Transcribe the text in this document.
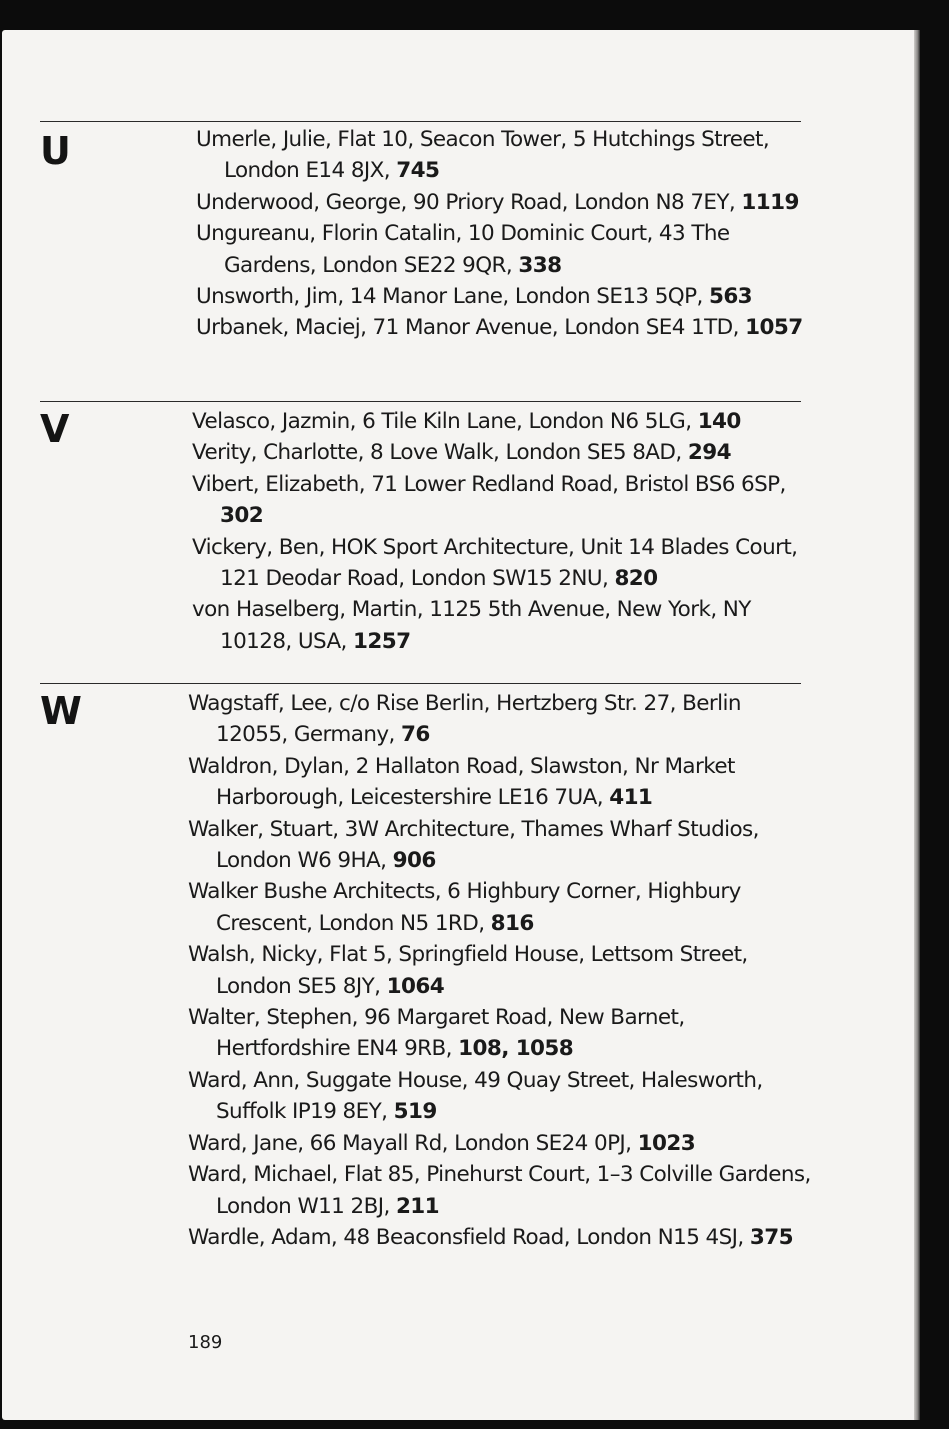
U	Umerle, Julie, Flat 10, Seacon Tower, 5 Hutchings Street, London E14 8JX, 745
Underwood, George, 90 Priory Road, London N8 7EY, 1119
Ungureanu, Florin Catalin, 10 Dominic Court, 43 The Gardens, London SE22 9QR, 338
Unsworth, Jim, 14 Manor Lane, London SE13 5QP, 563
Urbanek, Maciej, 71 Manor Avenue, London SE4 1TD, 1057
V	Velasco, Jazmin, 6 Tile Kiln Lane, London N6 5LG, 140
Verity, Charlotte, 8 Love Walk, London SE5 8AD, 294
Vibert, Elizabeth, 71 Lower Redland Road, Bristol BS6 6SP, 302
Vickery, Ben, HOK Sport Architecture, Unit 14 Blades Court, 121 Deodar Road, London SW15 2NU, 820
von Haselberg, Martin, 1125 5th Avenue, New York, NY 10128, USA, 1257
W	Wagstaff, Lee, c/o Rise Berlin, Hertzberg Str. 27, Berlin 12055, Germany, 76
Waldron, Dylan, 2 Hallaton Road, Slawston, Nr Market Harborough, Leicestershire LE16 7UA, 411
Walker, Stuart, 3W Architecture, Thames Wharf Studios, London W6 9HA, 906
Walker Bushe Architects, 6 Highbury Corner, Highbury Crescent, London N5 1RD, 816
Walsh, Nicky, Flat 5, Springfield House, Lettsom Street, London SE5 8JY, 1064
Walter, Stephen, 96 Margaret Road, New Barnet, Hertfordshire EN4 9RB, 108, 1058
Ward, Ann, Suggate House, 49 Quay Street, Halesworth, Suffolk IP19 8EY, 519
Ward, Jane, 66 Mayall Rd, London SE24 0PJ, 1023
Ward, Michael, Flat 85, Pinehurst Court, 1–3 Colville Gardens, London W11 2BJ, 211
Wardle, Adam, 48 Beaconsfield Road, London N15 4SJ, 375
189
